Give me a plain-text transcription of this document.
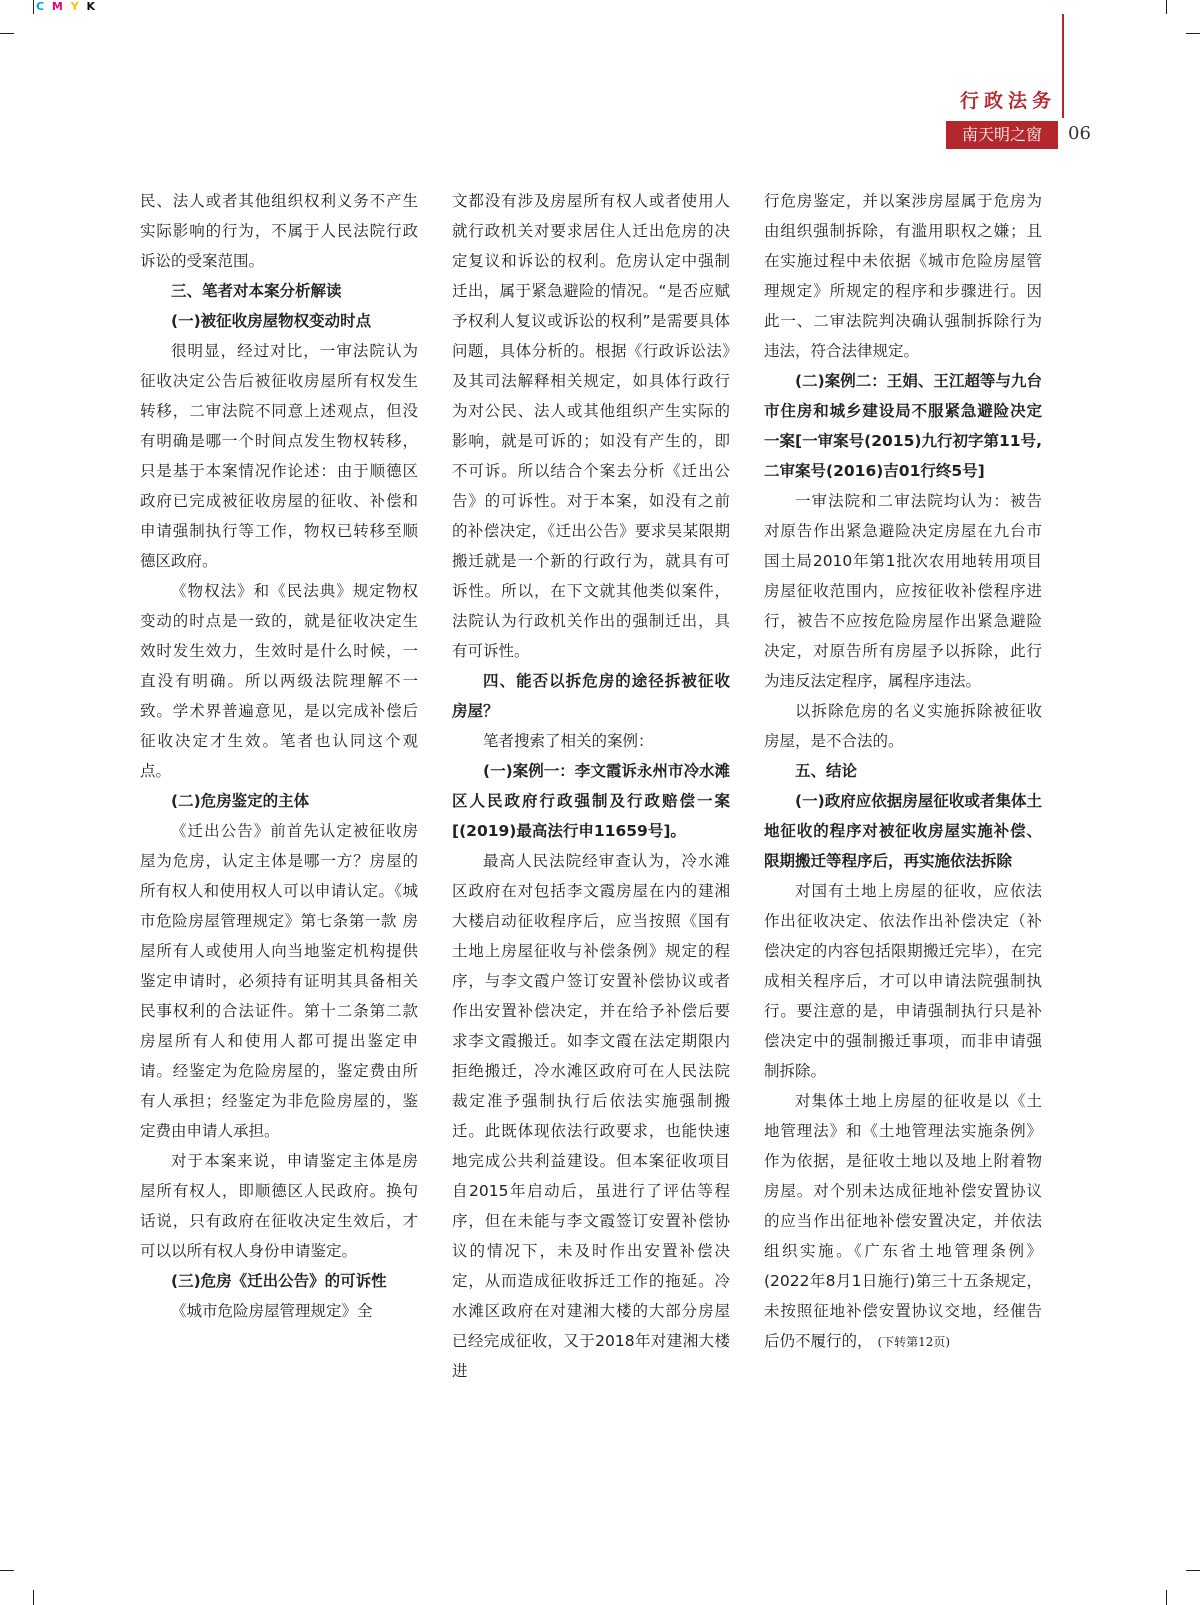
C M Y K
行政法务
南天明之窗	06

民、法人或者其他组织权利义务不产生实际影响的行为，不属于人民法院行政诉讼的受案范围。

三、笔者对本案分析解读

(一)被征收房屋物权变动时点

很明显，经过对比，一审法院认为征收决定公告后被征收房屋所有权发生转移，二审法院不同意上述观点，但没有明确是哪一个时间点发生物权转移，只是基于本案情况作论述：由于顺德区政府已完成被征收房屋的征收、补偿和申请强制执行等工作，物权已转移至顺德区政府。

《物权法》和《民法典》规定物权变动的时点是一致的，就是征收决定生效时发生效力，生效时是什么时候，一直没有明确。所以两级法院理解不一致。学术界普遍意见，是以完成补偿后征收决定才生效。笔者也认同这个观点。

(二)危房鉴定的主体

《迁出公告》前首先认定被征收房屋为危房，认定主体是哪一方？房屋的所有权人和使用权人可以申请认定。《城市危险房屋管理规定》第七条第一款 房屋所有人或使用人向当地鉴定机构提供鉴定申请时，必须持有证明其具备相关民事权利的合法证件。第十二条第二款房屋所有人和使用人都可提出鉴定申请。经鉴定为危险房屋的，鉴定费由所有人承担；经鉴定为非危险房屋的，鉴定费由申请人承担。

对于本案来说，申请鉴定主体是房屋所有权人，即顺德区人民政府。换句话说，只有政府在征收决定生效后，才可以以所有权人身份申请鉴定。

(三)危房《迁出公告》的可诉性

《城市危险房屋管理规定》全

文都没有涉及房屋所有权人或者使用人就行政机关对要求居住人迁出危房的决定复议和诉讼的权利。危房认定中强制迁出，属于紧急避险的情况。“是否应赋予权利人复议或诉讼的权利”是需要具体问题，具体分析的。根据《行政诉讼法》及其司法解释相关规定，如具体行政行为对公民、法人或其他组织产生实际的影响，就是可诉的；如没有产生的，即不可诉。所以结合个案去分析《迁出公告》的可诉性。对于本案，如没有之前的补偿决定，《迁出公告》要求吴某限期搬迁就是一个新的行政行为，就具有可诉性。所以，在下文就其他类似案件，法院认为行政机关作出的强制迁出，具有可诉性。

四、能否以拆危房的途径拆被征收房屋？

笔者搜索了相关的案例：

(一)案例一：李文霞诉永州市冷水滩区人民政府行政强制及行政赔偿一案[(2019)最高法行申11659号]。

最高人民法院经审查认为，冷水滩区政府在对包括李文霞房屋在内的建湘大楼启动征收程序后，应当按照《国有土地上房屋征收与补偿条例》规定的程序，与李文霞户签订安置补偿协议或者作出安置补偿决定，并在给予补偿后要求李文霞搬迁。如李文霞在法定期限内拒绝搬迁，冷水滩区政府可在人民法院裁定准予强制执行后依法实施强制搬迁。此既体现依法行政要求，也能快速地完成公共利益建设。但本案征收项目自2015年启动后，虽进行了评估等程序，但在未能与李文霞签订安置补偿协议的情况下，未及时作出安置补偿决定，从而造成征收拆迁工作的拖延。冷水滩区政府在对建湘大楼的大部分房屋已经完成征收，又于2018年对建湘大楼进

行危房鉴定，并以案涉房屋属于危房为由组织强制拆除，有滥用职权之嫌；且在实施过程中未依据《城市危险房屋管理规定》所规定的程序和步骤进行。因此一、二审法院判决确认强制拆除行为违法，符合法律规定。

(二)案例二：王娟、王江超等与九台市住房和城乡建设局不服紧急避险决定一案[一审案号(2015)九行初字第11号,二审案号(2016)吉01行终5号]

一审法院和二审法院均认为：被告对原告作出紧急避险决定房屋在九台市国土局2010年第1批次农用地转用项目房屋征收范围内，应按征收补偿程序进行，被告不应按危险房屋作出紧急避险决定，对原告所有房屋予以拆除，此行为违反法定程序，属程序违法。

以拆除危房的名义实施拆除被征收房屋，是不合法的。

五、结论

(一)政府应依据房屋征收或者集体土地征收的程序对被征收房屋实施补偿、限期搬迁等程序后，再实施依法拆除

对国有土地上房屋的征收，应依法作出征收决定、依法作出补偿决定（补偿决定的内容包括限期搬迁完毕），在完成相关程序后，才可以申请法院强制执行。要注意的是，申请强制执行只是补偿决定中的强制搬迁事项，而非申请强制拆除。

对集体土地上房屋的征收是以《土地管理法》和《土地管理法实施条例》作为依据，是征收土地以及地上附着物房屋。对个别未达成征地补偿安置协议的应当作出征地补偿安置决定，并依法组织实施。《广东省土地管理条例》(2022年8月1日施行)第三十五条规定，未按照征地补偿安置协议交地，经催告后仍不履行的， (下转第12页)
